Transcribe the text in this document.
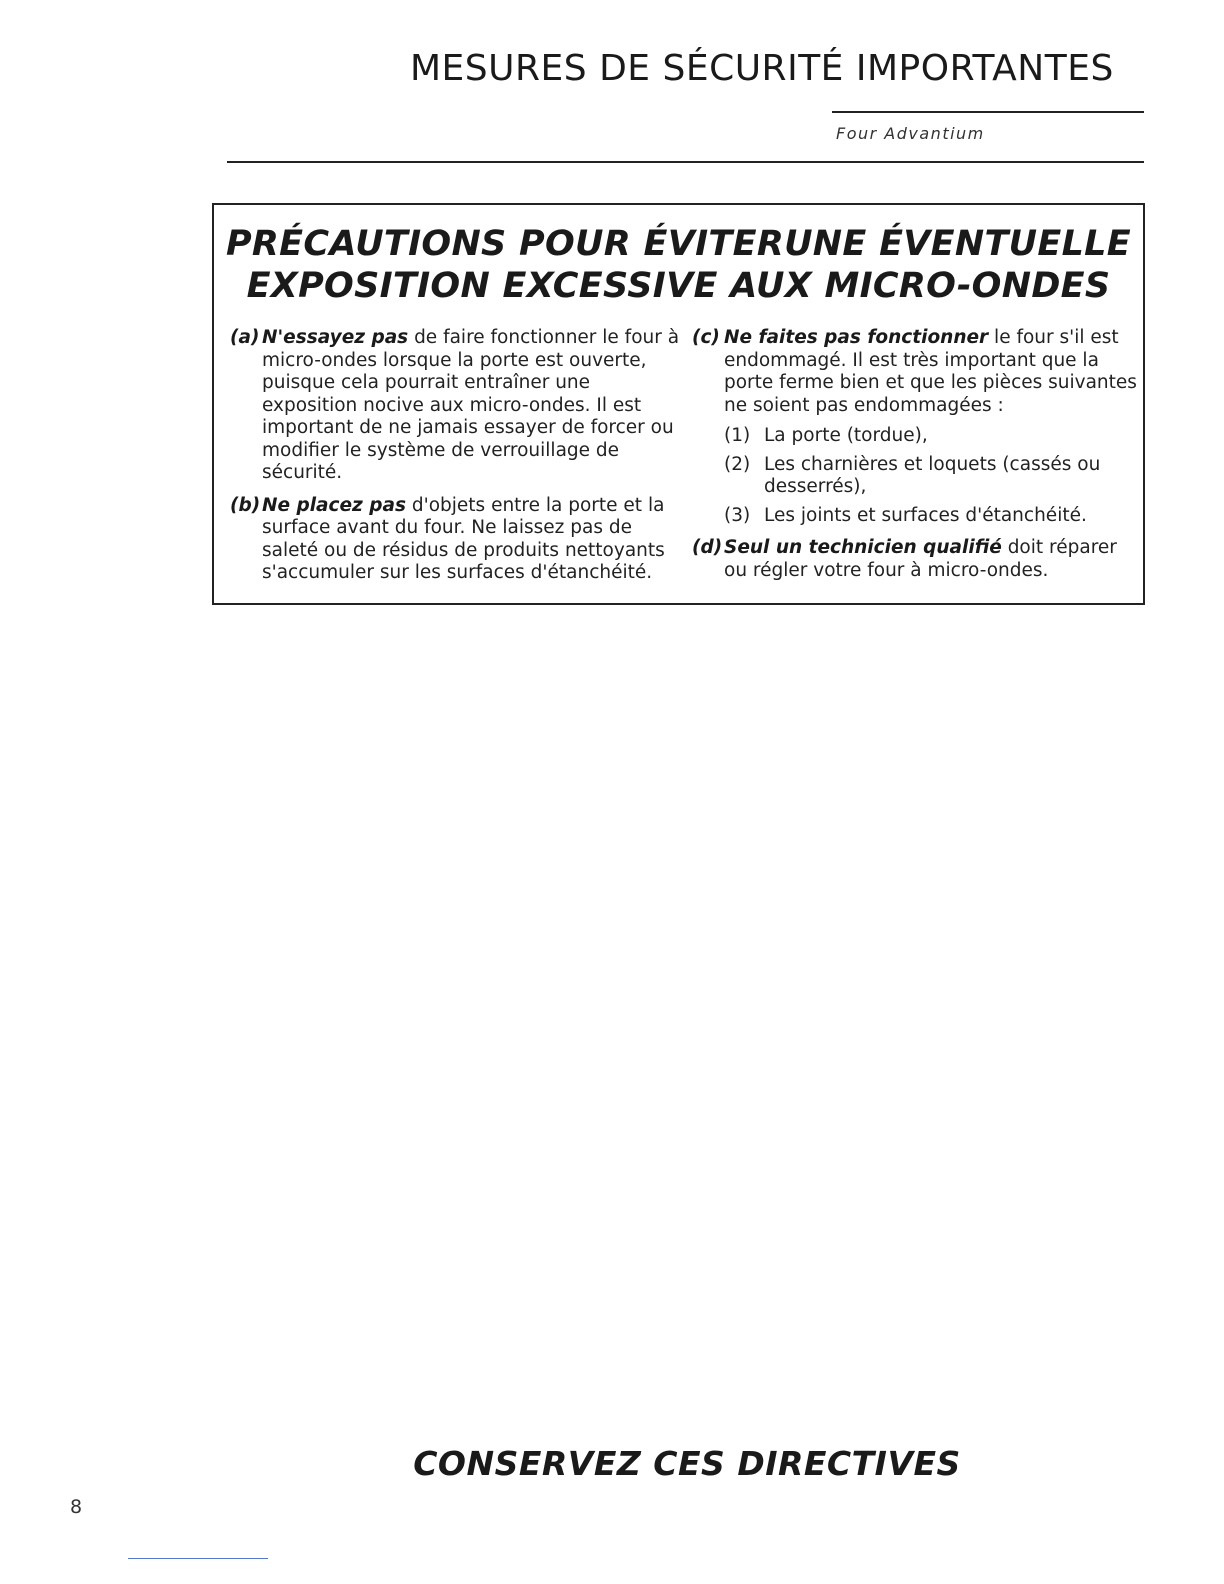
MESURES DE SÉCURITÉ IMPORTANTES
Four Advantium
PRÉCAUTIONS POUR ÉVITERUNE ÉVENTUELLE
EXPOSITION EXCESSIVE AUX MICRO-ONDES
(a) N'essayez pas de faire fonctionner le four à micro-ondes lorsque la porte est ouverte, puisque cela pourrait entraîner une exposition nocive aux micro-ondes. Il est important de ne jamais essayer de forcer ou modifier le système de verrouillage de sécurité.
(b) Ne placez pas d'objets entre la porte et la surface avant du four. Ne laissez pas de saleté ou de résidus de produits nettoyants s'accumuler sur les surfaces d'étanchéité.
(c) Ne faites pas fonctionner le four s'il est endommagé. Il est très important que la porte ferme bien et que les pièces suivantes ne soient pas endommagées :
(1) La porte (tordue),
(2) Les charnières et loquets (cassés ou desserrés),
(3) Les joints et surfaces d'étanchéité.
(d) Seul un technicien qualifié doit réparer ou régler votre four à micro-ondes.
CONSERVEZ CES DIRECTIVES
8
